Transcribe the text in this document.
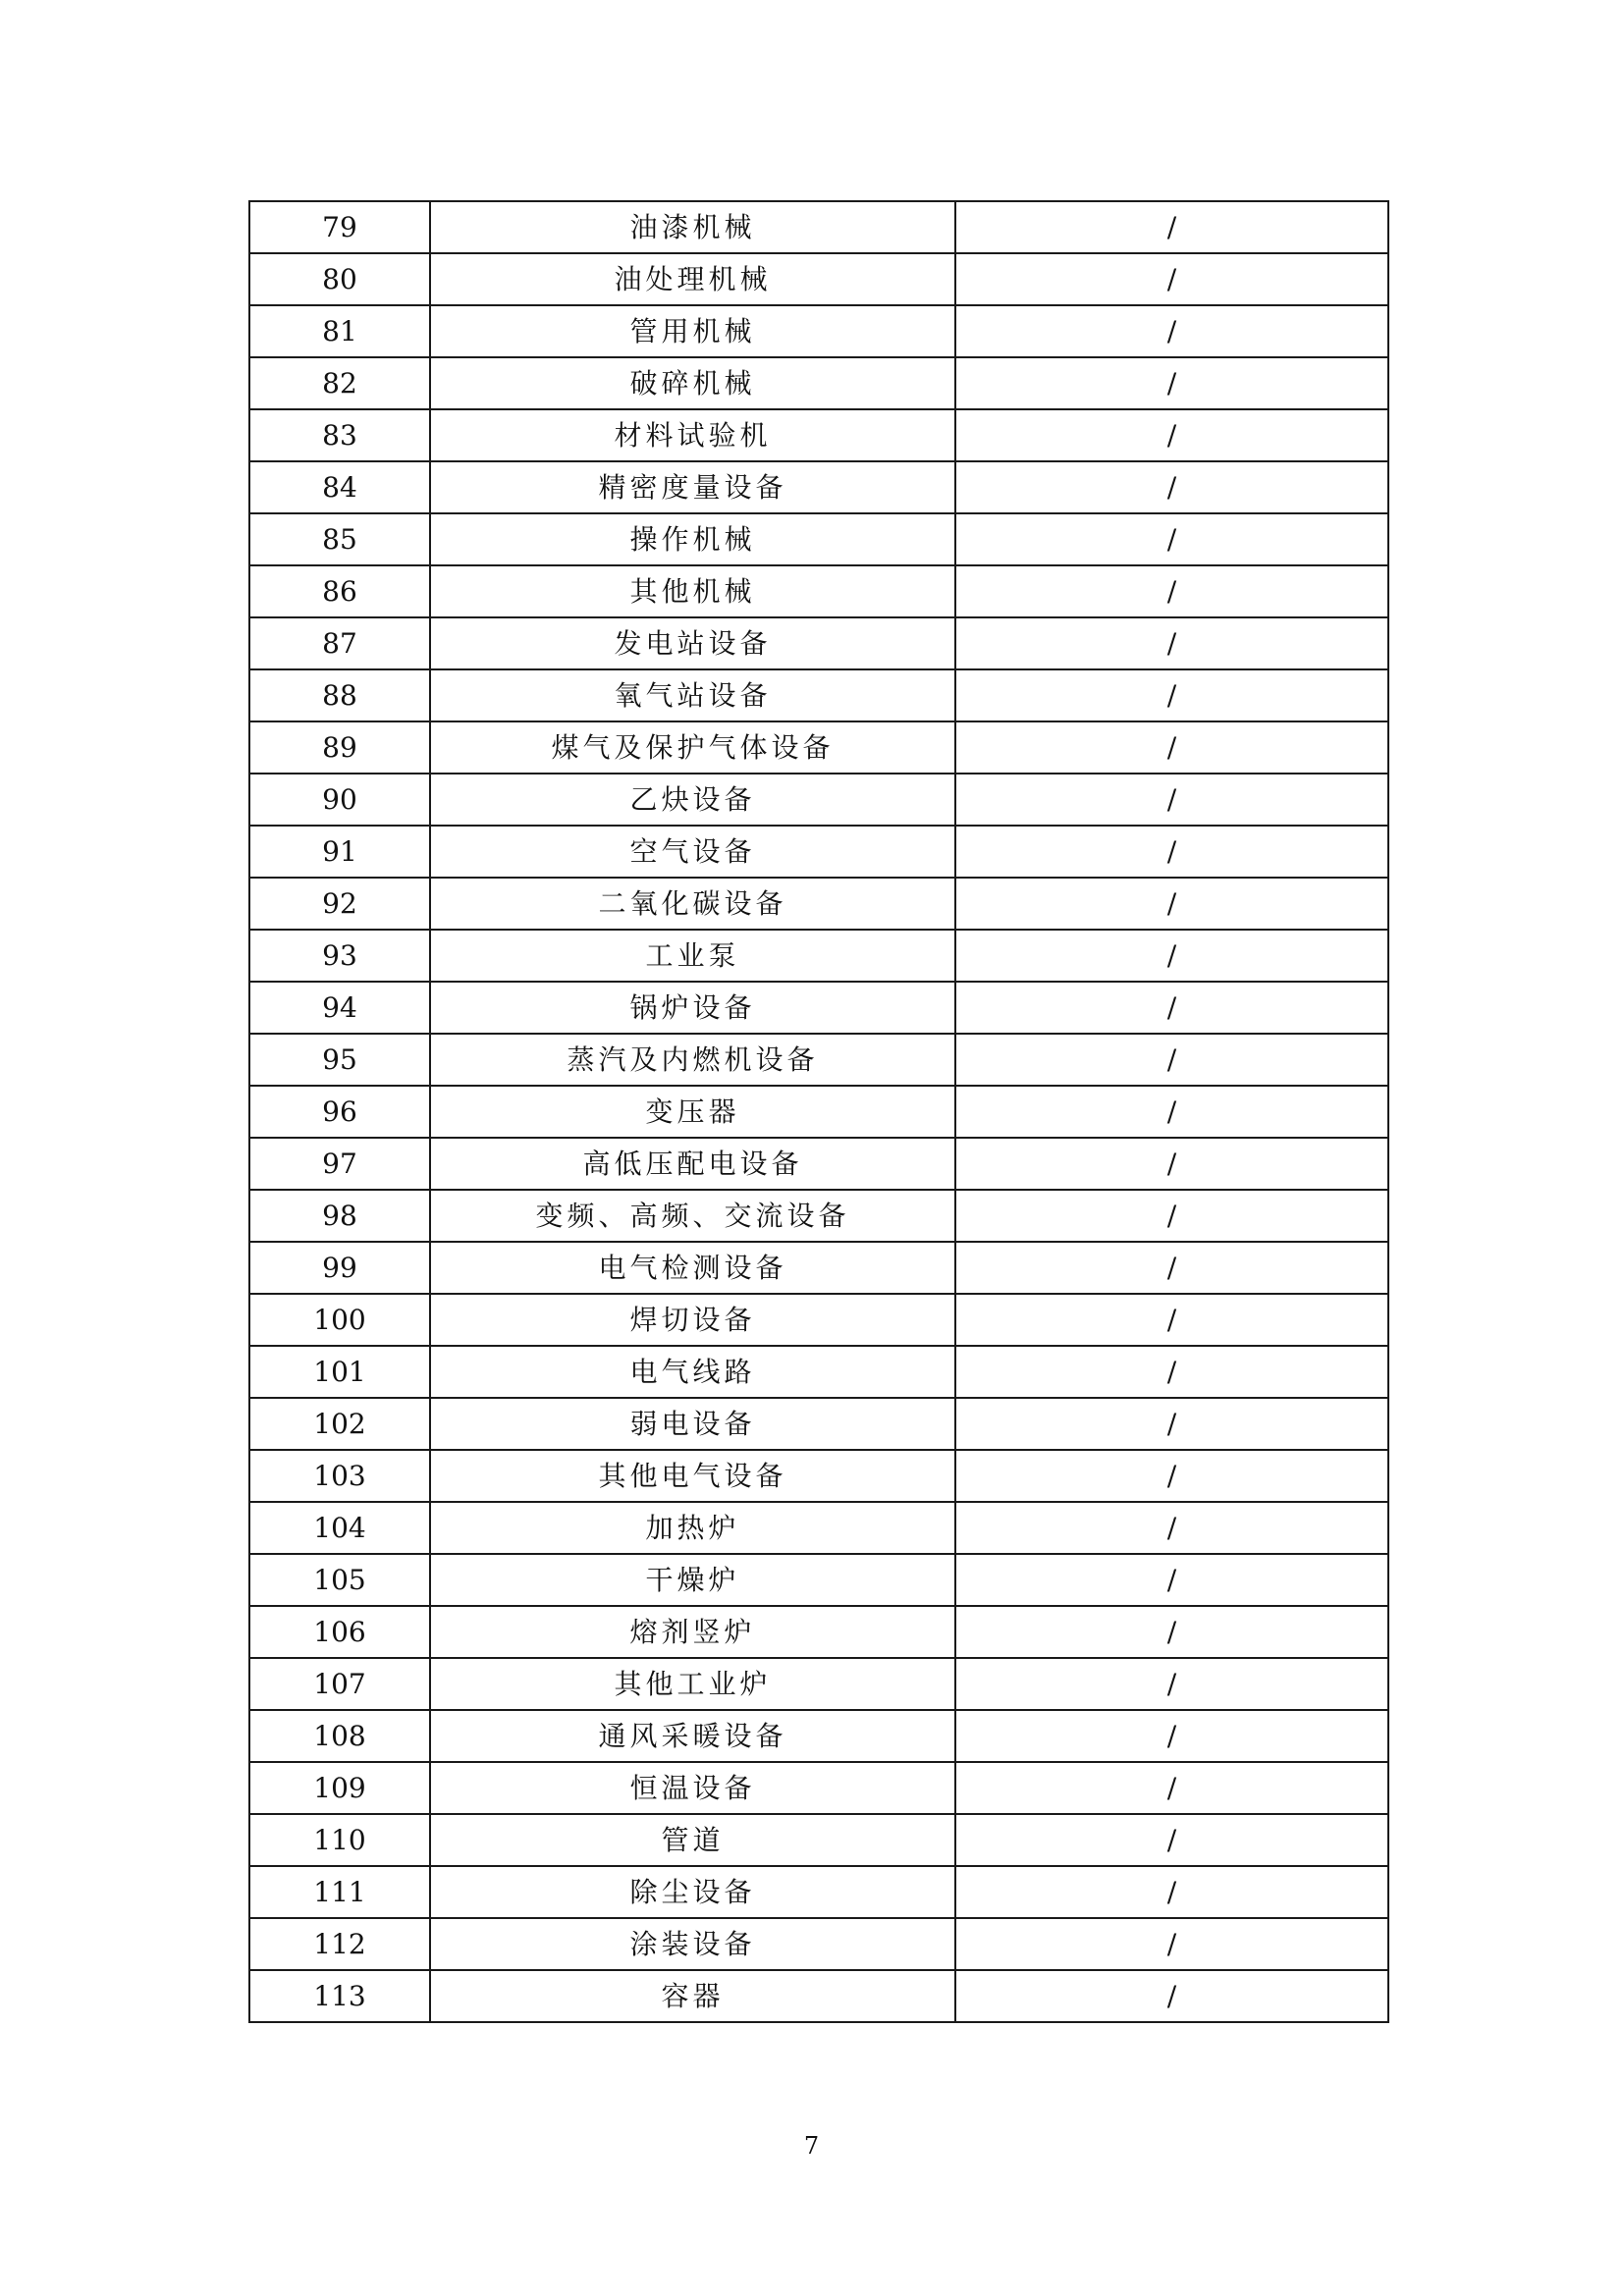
79	油漆机械	/
80	油处理机械	/
81	管用机械	/
82	破碎机械	/
83	材料试验机	/
84	精密度量设备	/
85	操作机械	/
86	其他机械	/
87	发电站设备	/
88	氧气站设备	/
89	煤气及保护气体设备	/
90	乙炔设备	/
91	空气设备	/
92	二氧化碳设备	/
93	工业泵	/
94	锅炉设备	/
95	蒸汽及内燃机设备	/
96	变压器	/
97	高低压配电设备	/
98	变频、高频、交流设备	/
99	电气检测设备	/
100	焊切设备	/
101	电气线路	/
102	弱电设备	/
103	其他电气设备	/
104	加热炉	/
105	干燥炉	/
106	熔剂竖炉	/
107	其他工业炉	/
108	通风采暖设备	/
109	恒温设备	/
110	管道	/
111	除尘设备	/
112	涂装设备	/
113	容器	/
7
